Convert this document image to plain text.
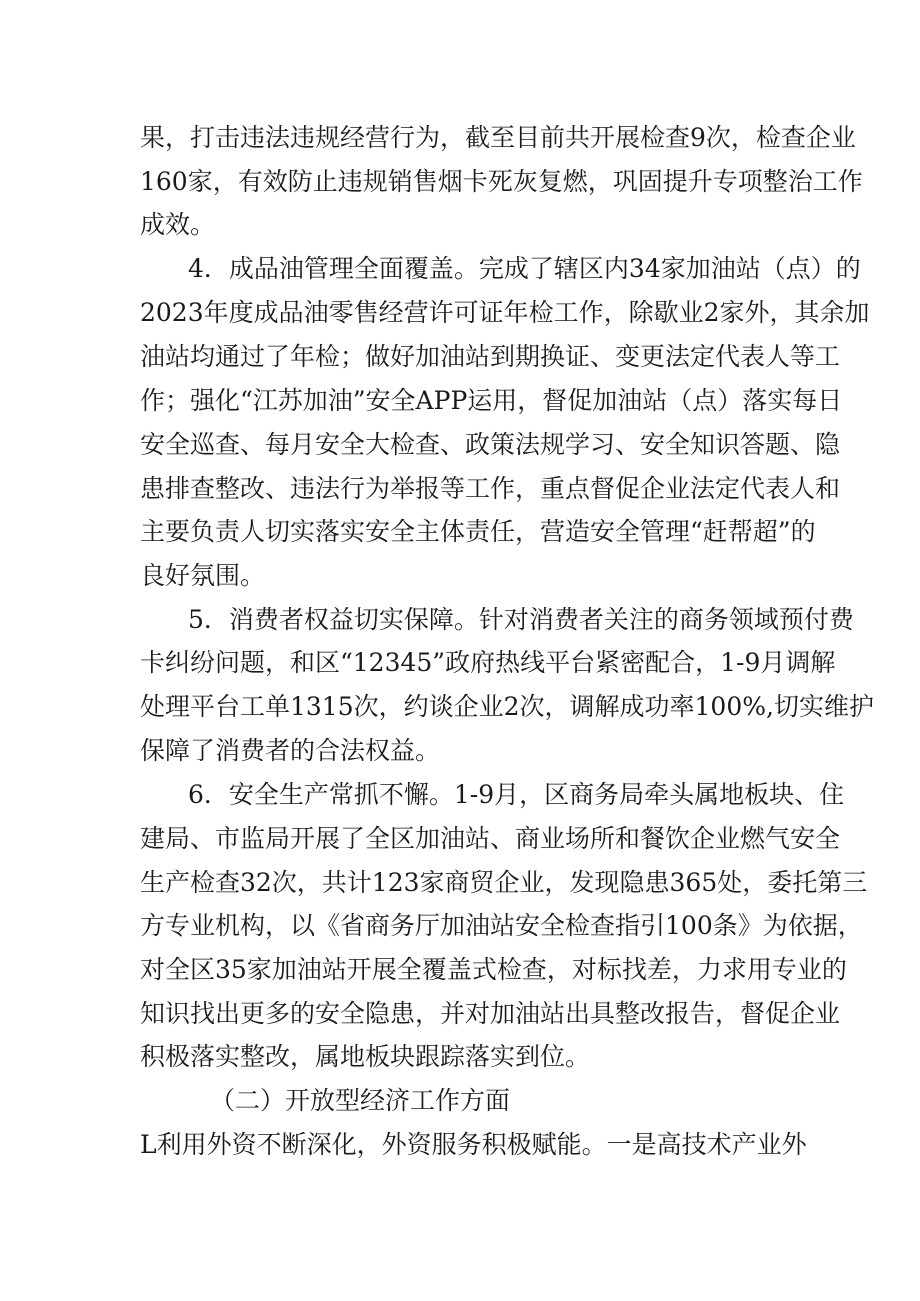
果，打击违法违规经营行为，截至目前共开展检查9次，检查企业
160家，有效防止违规销售烟卡死灰复燃，巩固提升专项整治工作
成效。
4．成品油管理全面覆盖。完成了辖区内34家加油站（点）的
2023年度成品油零售经营许可证年检工作，除歇业2家外，其余加
油站均通过了年检；做好加油站到期换证、变更法定代表人等工
作；强化“江苏加油”安全APP运用，督促加油站（点）落实每日
安全巡查、每月安全大检查、政策法规学习、安全知识答题、隐
患排查整改、违法行为举报等工作，重点督促企业法定代表人和
主要负责人切实落实安全主体责任，营造安全管理“赶帮超”的
良好氛围。
5．消费者权益切实保障。针对消费者关注的商务领域预付费
卡纠纷问题，和区“12345”政府热线平台紧密配合，1-9月调解
处理平台工单1315次，约谈企业2次，调解成功率100%,切实维护
保障了消费者的合法权益。
6．安全生产常抓不懈。1-9月，区商务局牵头属地板块、住
建局、市监局开展了全区加油站、商业场所和餐饮企业燃气安全
生产检查32次，共计123家商贸企业，发现隐患365处，委托第三
方专业机构，以《省商务厅加油站安全检查指引100条》为依据，
对全区35家加油站开展全覆盖式检查，对标找差，力求用专业的
知识找出更多的安全隐患，并对加油站出具整改报告，督促企业
积极落实整改，属地板块跟踪落实到位。
（二）开放型经济工作方面
L利用外资不断深化，外资服务积极赋能。一是高技术产业外
